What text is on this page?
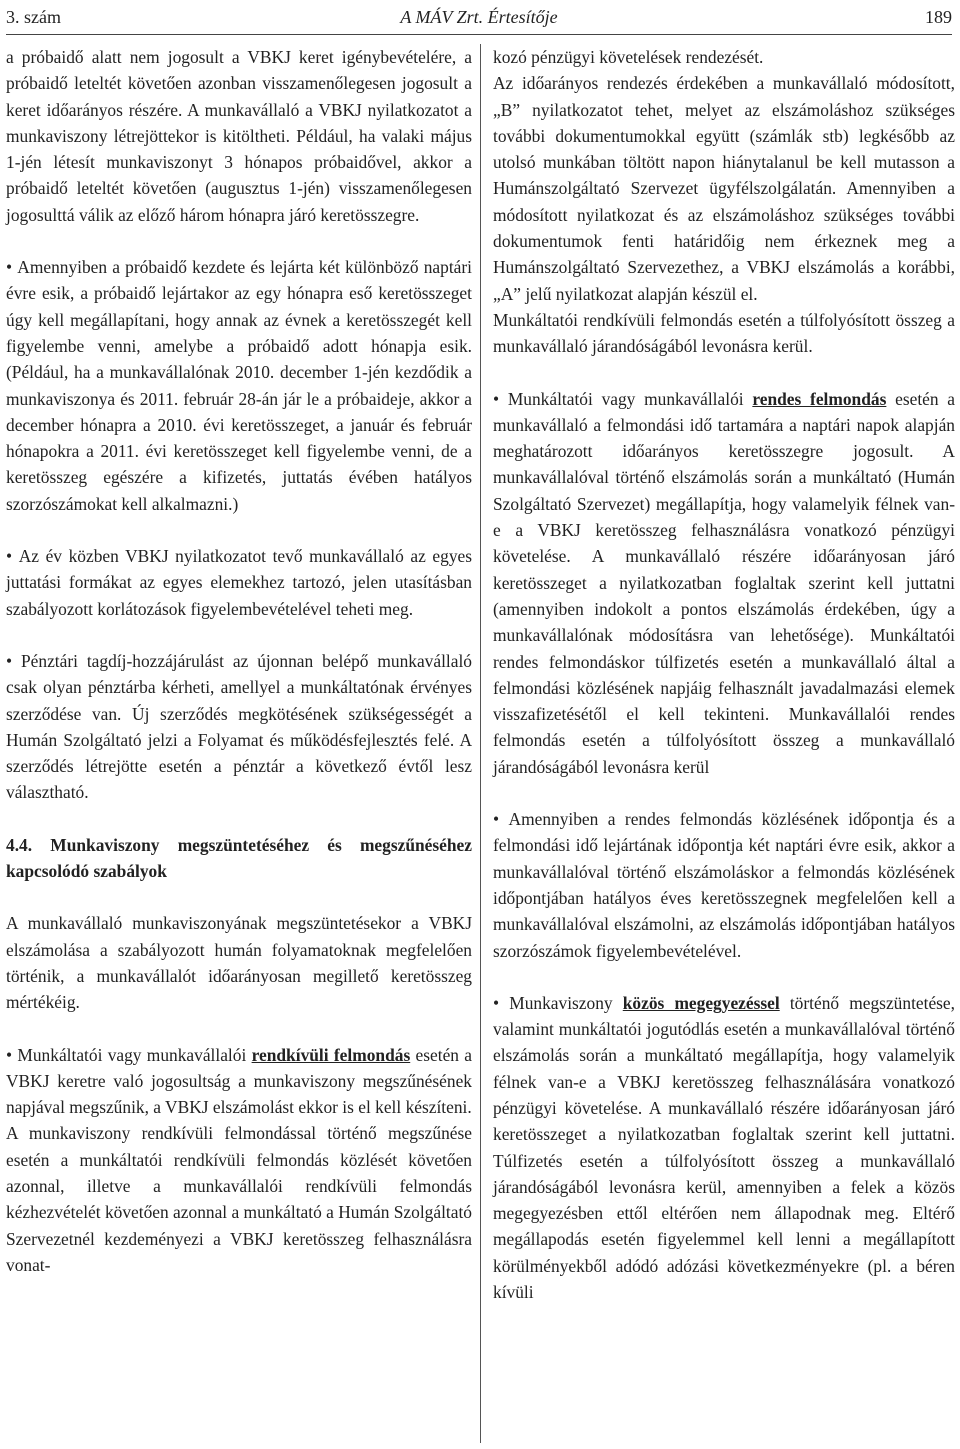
3. szám	A MÁV Zrt. Értesítője	189

a próbaidő alatt nem jogosult a VBKJ keret igénybevételére, a próbaidő leteltét követően azonban visszamenőlegesen jogosult a keret időarányos részére. A munkavállaló a VBKJ nyilatkozatot a munkaviszony létrejöttekor is kitöltheti. Például, ha valaki május 1-jén létesít munkaviszonyt 3 hónapos próbaidővel, akkor a próbaidő leteltét követően (augusztus 1-jén) visszamenőlegesen jogosulttá válik az előző három hónapra járó keretösszegre.

• Amennyiben a próbaidő kezdete és lejárta két különböző naptári évre esik, a próbaidő lejártakor az egy hónapra eső keretösszeget úgy kell megállapítani, hogy annak az évnek a keretösszegét kell figyelembe venni, amelybe a próbaidő adott hónapja esik. (Például, ha a munkavállalónak 2010. december 1-jén kezdődik a munkaviszonya és 2011. február 28-án jár le a próbaideje, akkor a december hónapra a 2010. évi keretösszeget, a január és február hónapokra a 2011. évi keretösszeget kell figyelembe venni, de a keretösszeg egészére a kifizetés, juttatás évében hatályos szorzószámokat kell alkalmazni.)

• Az év közben VBKJ nyilatkozatot tevő munkavállaló az egyes juttatási formákat az egyes elemekhez tartozó, jelen utasításban szabályozott korlátozások figyelembevételével teheti meg.

• Pénztári tagdíj-hozzájárulást az újonnan belépő munkavállaló csak olyan pénztárba kérheti, amellyel a munkáltatónak érvényes szerződése van. Új szerződés megkötésének szükségességét a Humán Szolgáltató jelzi a Folyamat és működésfejlesztés felé. A szerződés létrejötte esetén a pénztár a következő évtől lesz választható.

4.4. Munkaviszony megszüntetéséhez és megszűnéséhez kapcsolódó szabályok

A munkavállaló munkaviszonyának megszüntetésekor a VBKJ elszámolása a szabályozott humán folyamatoknak megfelelően történik, a munkavállalót időarányosan megillető keretösszeg mértékéig.

• Munkáltatói vagy munkavállalói rendkívüli felmondás esetén a VBKJ keretre való jogosultság a munkaviszony megszűnésének napjával megszűnik, a VBKJ elszámolást ekkor is el kell készíteni.

A munkaviszony rendkívüli felmondással történő megszűnése esetén a munkáltatói rendkívüli felmondás közlését követően azonnal, illetve a munkavállalói rendkívüli felmondás kézhezvételét követően azonnal a munkáltató a Humán Szolgáltató Szervezetnél kezdeményezi a VBKJ keretösszeg felhasználásra vonat-

kozó pénzügyi követelések rendezését.

Az időarányos rendezés érdekében a munkavállaló módosított, „B” nyilatkozatot tehet, melyet az elszámoláshoz szükséges további dokumentumokkal együtt (számlák stb) legkésőbb az utolsó munkában töltött napon hiánytalanul be kell mutasson a Humánszolgáltató Szervezet ügyfélszolgálatán. Amennyiben a módosított nyilatkozat és az elszámoláshoz szükséges további dokumentumok fenti határidőig nem érkeznek meg a Humánszolgáltató Szervezethez, a VBKJ elszámolás a korábbi, „A” jelű nyilatkozat alapján készül el.

Munkáltatói rendkívüli felmondás esetén a túlfolyósított összeg a munkavállaló járandóságából levonásra kerül.

• Munkáltatói vagy munkavállalói rendes felmondás esetén a munkavállaló a felmondási idő tartamára a naptári napok alapján meghatározott időarányos keretösszegre jogosult. A munkavállalóval történő elszámolás során a munkáltató (Humán Szolgáltató Szervezet) megállapítja, hogy valamelyik félnek van-e a VBKJ keretösszeg felhasználásra vonatkozó pénzügyi követelése. A munkavállaló részére időarányosan járó keretösszeget a nyilatkozatban foglaltak szerint kell juttatni (amennyiben indokolt a pontos elszámolás érdekében, úgy a munkavállalónak módosításra van lehetősége). Munkáltatói rendes felmondáskor túlfizetés esetén a munkavállaló által a felmondási közlésének napjáig felhasznált javadalmazási elemek visszafizetésétől el kell tekinteni. Munkavállalói rendes felmondás esetén a túlfolyósított összeg a munkavállaló járandóságából levonásra kerül

• Amennyiben a rendes felmondás közlésének időpontja és a felmondási idő lejártának időpontja két naptári évre esik, akkor a munkavállalóval történő elszámoláskor a felmondás közlésének időpontjában hatályos éves keretösszegnek megfelelően kell a munkavállalóval elszámolni, az elszámolás időpontjában hatályos szorzószámok figyelembevételével.

• Munkaviszony közös megegyezéssel történő megszüntetése, valamint munkáltatói jogutódlás esetén a munkavállalóval történő elszámolás során a munkáltató megállapítja, hogy valamelyik félnek van-e a VBKJ keretösszeg felhasználására vonatkozó pénzügyi követelése. A munkavállaló részére időarányosan járó keretösszeget a nyilatkozatban foglaltak szerint kell juttatni. Túlfizetés esetén a túlfolyósított összeg a munkavállaló járandóságából levonásra kerül, amennyiben a felek a közös megegyezésben ettől eltérően nem állapodnak meg. Eltérő megállapodás esetén figyelemmel kell lenni a megállapított körülményekből adódó adózási következményekre (pl. a béren kívüli
